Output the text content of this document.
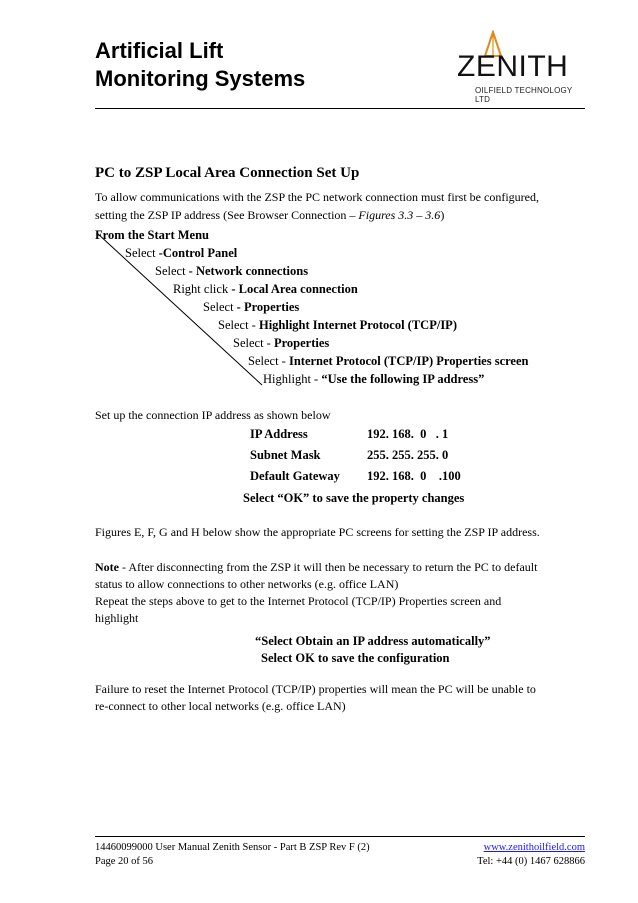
Artificial Lift
Monitoring Systems	ZENITH
OILFIELD TECHNOLOGY LTD
PC to ZSP Local Area Connection Set Up
To allow communications with the ZSP the PC network connection must first be configured,
setting the ZSP IP address (See Browser Connection – Figures 3.3 – 3.6)
From the Start Menu
Select -Control Panel
Select - Network connections
Right click - Local Area connection
Select - Properties
Select - Highlight Internet Protocol (TCP/IP)
Select - Properties
Select - Internet Protocol (TCP/IP) Properties screen
Highlight - “Use the following IP address”
Set up the connection IP address as shown below
IP Address	192. 168.  0   . 1
Subnet Mask	255. 255. 255. 0
Default Gateway 192. 168.  0    .100
Select “OK” to save the property changes
Figures E, F, G and H below show the appropriate PC screens for setting the ZSP IP address.
Note - After disconnecting from the ZSP it will then be necessary to return the PC to default
status to allow connections to other networks (e.g. office LAN)
Repeat the steps above to get to the Internet Protocol (TCP/IP) Properties screen and
highlight
“Select Obtain an IP address automatically”
Select OK to save the configuration
Failure to reset the Internet Protocol (TCP/IP) properties will mean the PC will be unable to
re-connect to other local networks (e.g. office LAN)
14460099000 User Manual Zenith Sensor - Part B ZSP Rev F (2)
Page 20 of 56
www.zenithoilfield.com
Tel: +44 (0) 1467 628866
